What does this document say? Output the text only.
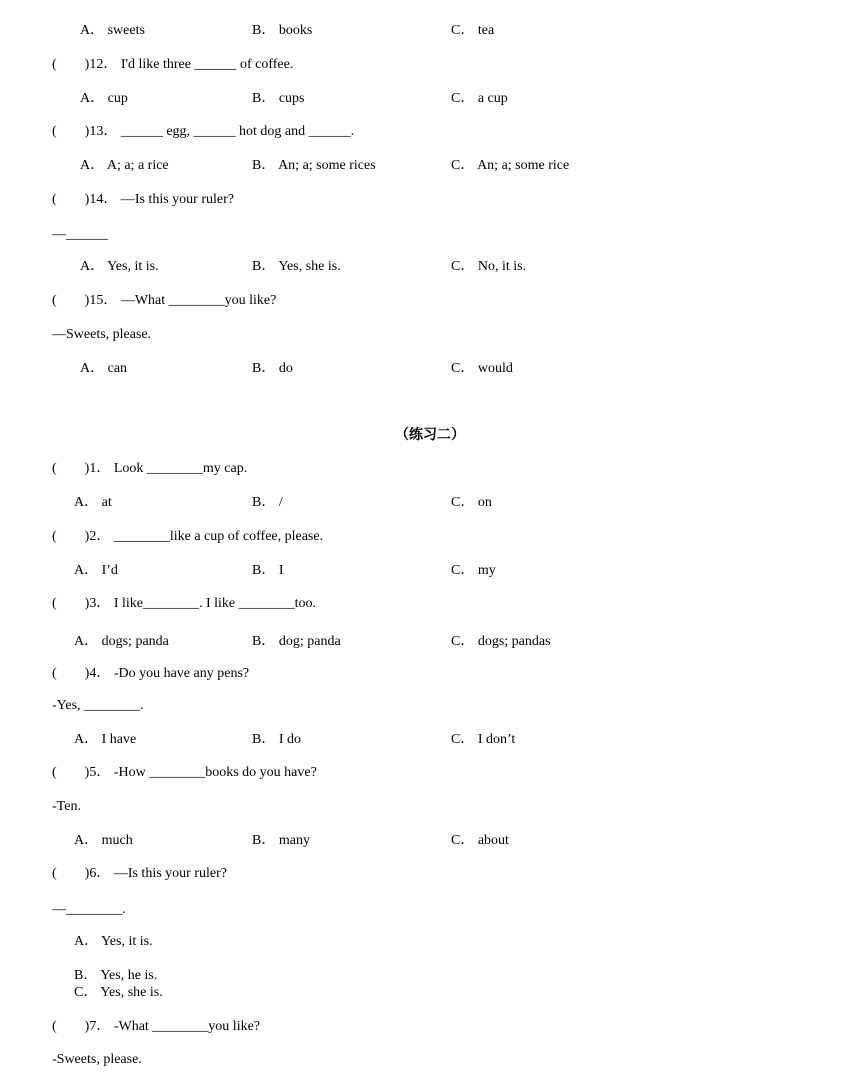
A． sweets	B． books	C． tea
(        )12． I'd like three ______ of coffee.
A． cup	B． cups	C． a cup
(        )13． ______ egg, ______ hot dog and ______.
A． A; a; a rice	B． An; a; some rices	C． An; a; some rice
(        )14． —Is this your ruler?
—______
A． Yes, it is.	B． Yes, she is.	C． No, it is.
(        )15． —What ________you like?
—Sweets, please.
A． can	B． do	C． would
（练习二）
(        )1． Look ________my cap.
A． at	B． /	C． on
(        )2． ________like a cup of coffee, please.
A． I’d	B． I	C． my
(        )3． I like________. I like ________too.
A． dogs; panda	B． dog; panda	C． dogs; pandas
(        )4． -Do you have any pens?
-Yes, ________.
A． I have	B． I do	C． I don’t
(        )5． -How ________books do you have?
-Ten.
A． much	B． many	C． about
(        )6． —Is this your ruler?
—________.
A． Yes, it is.
B． Yes, he is.
C． Yes, she is.
(        )7． -What ________you like?
-Sweets, please.
